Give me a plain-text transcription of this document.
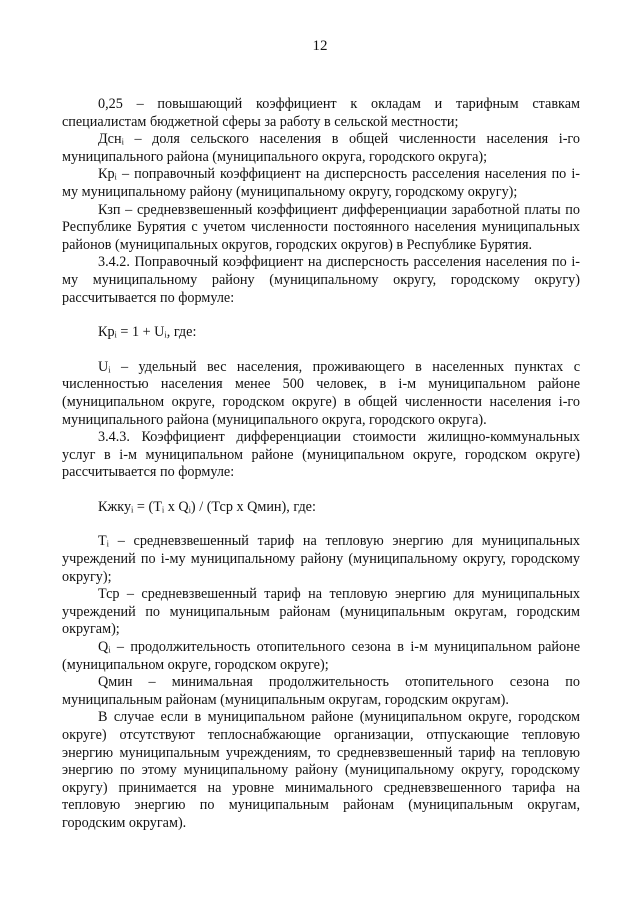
12

0,25 – повышающий коэффициент к окладам и тарифным ставкам специалистам бюджетной сферы за работу в сельской местности;

Дснᵢ – доля сельского населения в общей численности населения i-го муниципального района (муниципального округа, городского округа);

Крᵢ – поправочный коэффициент на дисперсность расселения населения по i-му муниципальному району (муниципальному округу, городскому округу);

Кзп – средневзвешенный коэффициент дифференциации заработной платы по Республике Бурятия с учетом численности постоянного населения муниципальных районов (муниципальных округов, городских округов) в Республике Бурятия.

3.4.2. Поправочный коэффициент на дисперсность расселения населения по i-му муниципальному району (муниципальному округу, городскому округу) рассчитывается по формуле:

Крᵢ = 1 + Uᵢ, где:

Uᵢ – удельный вес населения, проживающего в населенных пунктах с численностью населения менее 500 человек, в i-м муниципальном районе (муниципальном округе, городском округе) в общей численности населения i-го муниципального района (муниципального округа, городского округа).

3.4.3. Коэффициент дифференциации стоимости жилищно-коммунальных услуг в i-м муниципальном районе (муниципальном округе, городском округе) рассчитывается по формуле:

Кжкуᵢ = (Tᵢ x Qᵢ) / (Тср x Qмин), где:

Tᵢ – средневзвешенный тариф на тепловую энергию для муниципальных учреждений по i-му муниципальному району (муниципальному округу, городскому округу);

Тср – средневзвешенный тариф на тепловую энергию для муниципальных учреждений по муниципальным районам (муниципальным округам, городским округам);

Qᵢ – продолжительность отопительного сезона в i-м муниципальном районе (муниципальном округе, городском округе);

Qмин – минимальная продолжительность отопительного сезона по муниципальным районам (муниципальным округам, городским округам).

В случае если в муниципальном районе (муниципальном округе, городском округе) отсутствуют теплоснабжающие организации, отпускающие тепловую энергию муниципальным учреждениям, то средневзвешенный тариф на тепловую энергию по этому муниципальному району (муниципальному округу, городскому округу) принимается на уровне минимального средневзвешенного тарифа на тепловую энергию по муниципальным районам (муниципальным округам, городским округам).
